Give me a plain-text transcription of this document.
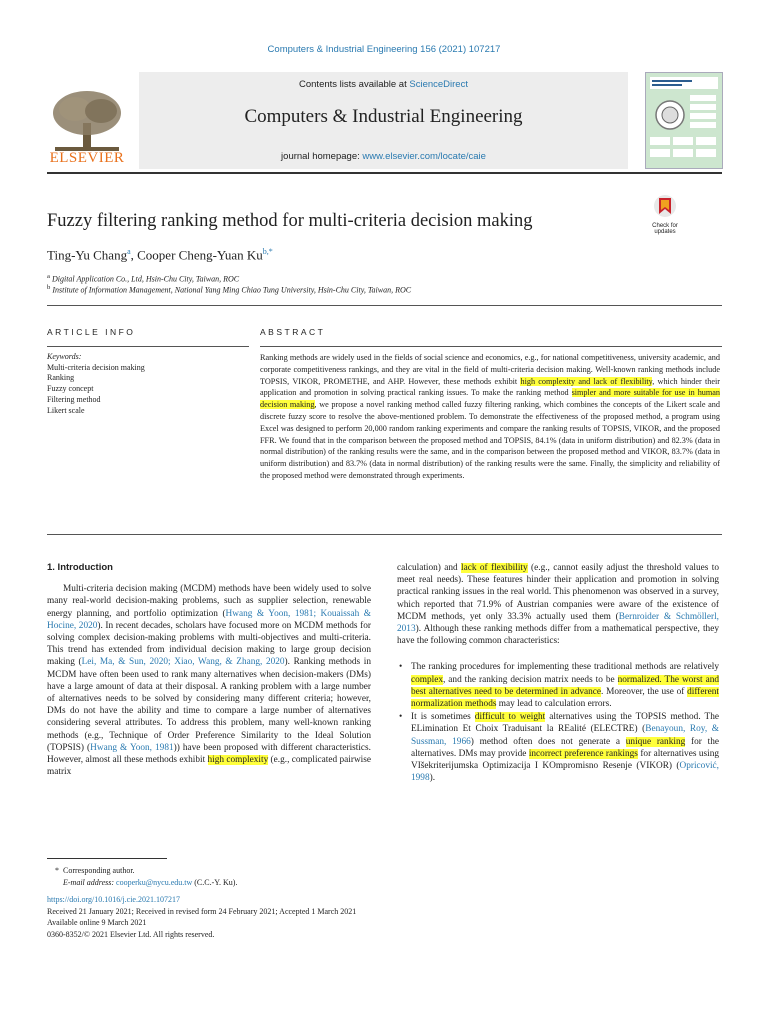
Computers & Industrial Engineering 156 (2021) 107217
ELSEVIER
Contents lists available at ScienceDirect
Computers & Industrial Engineering
journal homepage: www.elsevier.com/locate/caie
Fuzzy filtering ranking method for multi-criteria decision making	Check for updates
Ting-Yu Chang$^a$, Cooper Cheng-Yuan $Ku^{b,*}$
$^a$ Digital Application Co., Ltd, Hsin-Chu City, Taiwan, ROC
$^b$ Institute of Information Management, National Yang Ming Chiao Tung University, Hsin-Chu City, Taiwan, ROC
ARTICLE INFO	ABSTRACT
Keywords:
Multi-criteria decision making
Ranking
Fuzzy concept
Filtering method
Likert scale
Ranking methods are widely used in the fields of social science and economics, e.g., for national competitiveness, university academic, and corporate competitiveness rankings, and they are vital in the field of multi-criteria decision making. Well-known ranking methods include TOPSIS, VIKOR, PROMETHE, and AHP. However, these methods exhibit high complexity and lack of flexibility, which hinder their application and promotion in solving practical ranking issues. To make the ranking method simpler and more suitable for use in human decision making, we propose a novel ranking method called fuzzy filtering ranking, which combines the concepts of the Likert scale and discrete fuzzy score to resolve the above-mentioned problem. To demonstrate the effectiveness of the proposed method, a program using Excel was designed to perform 20,000 random ranking experiments and compare the ranking results of TOPSIS, VIKOR, and the proposed FFR. We found that in the comparison between the proposed method and TOPSIS, 84.1% (data in uniform distribution) and 82.3% (data in normal distribution) of the ranking results were the same, and in the comparison between the proposed method and VIKOR, 83.7% (data in uniform distribution) and 83.7% (data in normal distribution) of the ranking results were the same. Finally, the simplicity and reliability of the proposed method were demonstrated through experiments.
1. Introduction

Multi-criteria decision making (MCDM) methods have been widely used to solve many real-world decision-making problems, such as supplier selection, renewable energy planning, and portfolio optimization (Hwang & Yoon, 1981; Kouaissah & Hocine, 2020). In recent decades, scholars have focused more on MCDM methods for solving complex decision-making problems with multi-objectives and multi-criteria. This trend has extended from individual decision making to large group decision making (Lei, Ma, & Sun, 2020; Xiao, Wang, & Zhang, 2020). Ranking methods in MCDM have often been used to rank many alternatives when decision-makers (DMs) have a large amount of data at their disposal. A ranking problem with a large number of alternatives needs to be solved by considering many different criteria; however, DMs do not have the ability and time to compare a large number of alternatives considering several attributes. To address this problem, many well-known ranking methods (e.g., Technique of Order Preference Similarity to the Ideal Solution (TOPSIS) (Hwang & Yoon, 1981)) have been proposed with different characteristics. However, almost all these methods exhibit high complexity (e.g., complicated pairwise matrix

calculation) and lack of flexibility (e.g., cannot easily adjust the threshold values to meet real needs). These features hinder their application and promotion in solving practical ranking issues in the real world. This phenomenon was observed in a survey, which reported that 71.9% of Austrian companies were aware of the existence of MCDM methods, yet only 33.3% actually used them (Bernroider & Schmöllerl, 2013). Although these ranking methods differ from a mathematical perspective, they have the following common characteristics:

• The ranking procedures for implementing these traditional methods are relatively complex, and the ranking decision matrix needs to be normalized. The worst and best alternatives need to be determined in advance. Moreover, the use of different normalization methods may lead to calculation errors.
• It is sometimes difficult to weight alternatives using the TOPSIS method. The ELimination Et Choix Traduisant la REalité (ELECTRE) (Benayoun, Roy, & Sussman, 1966) method often does not generate a unique ranking for the alternatives. DMs may provide incorrect preference rankings for alternatives using VIšekriterijumska Optimizacija I KOmpromisno Resenje (VIKOR) (Opricović, 1998).
*  Corresponding author.
E-mail address: cooperku@nycu.edu.tw (C.C.-Y. Ku).
https://doi.org/10.1016/j.cie.2021.107217
Received 21 January 2021; Received in revised form 24 February 2021; Accepted 1 March 2021
Available online 9 March 2021
0360-8352/© 2021 Elsevier Ltd. All rights reserved.
